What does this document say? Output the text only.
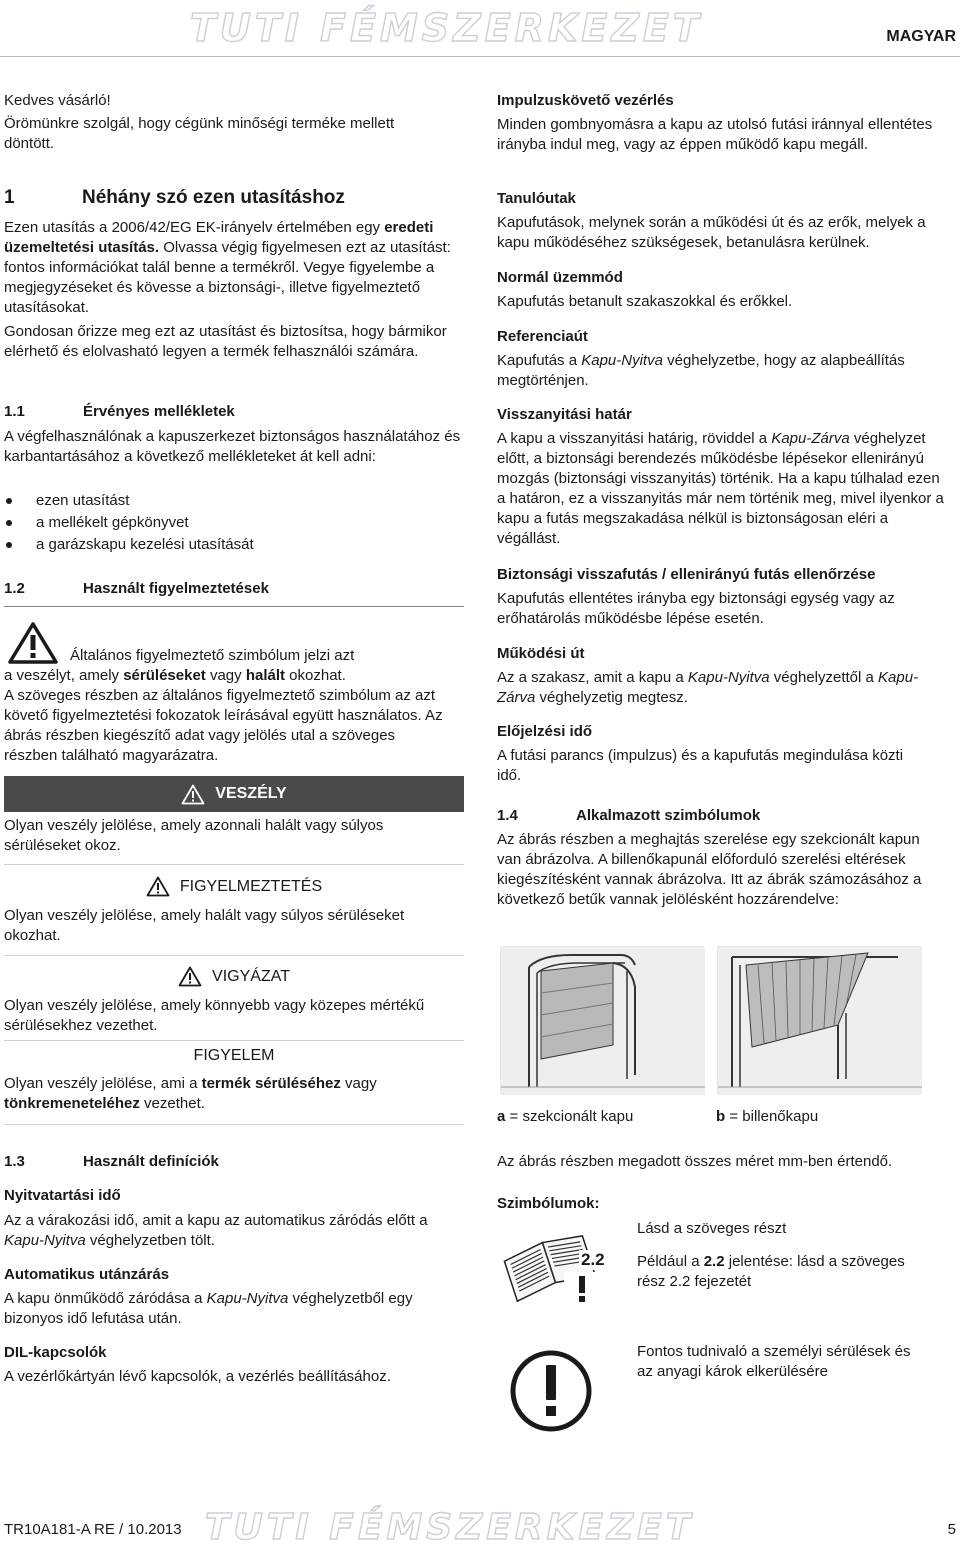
TUTI FÉMSZERKEZET	MAGYAR

Kedves vásárló!

Örömünkre szolgál, hogy cégünk minőségi terméke mellett döntött.

1	Néhány szó ezen utasításhoz

Ezen utasítás a 2006/42/EG EK-irányelv értelmében egy eredeti üzemeltetési utasítás. Olvassa végig figyelmesen ezt az utasítást: fontos információkat talál benne a termékről. Vegye figyelembe a megjegyzéseket és kövesse a biztonsági-, illetve figyelmeztető utasításokat.

Gondosan őrizze meg ezt az utasítást és biztosítsa, hogy bármikor elérhető és elolvasható legyen a termék felhasználói számára.

1.1	Érvényes mellékletek

A végfelhasználónak a kapuszerkezet biztonságos használatához és karbantartásához a következő mellékleteket át kell adni:

ezen utasítást
a mellékelt gépkönyvet
a garázskapu kezelési utasítását
1.2	Használt figyelmeztetések

Általános figyelmeztető szimbólum jelzi azt

a veszélyt, amely sérüléseket vagy halált okozhat.

A szöveges részben az általános figyelmeztető szimbólum az azt követő figyelmeztetési fokozatok leírásával együtt használatos. Az ábrás részben kiegészítő adat vagy jelölés utal a szöveges részben található magyarázatra.

VESZÉLY

Olyan veszély jelölése, amely azonnali halált vagy súlyos sérüléseket okoz.

FIGYELMEZTETÉS

Olyan veszély jelölése, amely halált vagy súlyos sérüléseket okozhat.

VIGYÁZAT

Olyan veszély jelölése, amely könnyebb vagy közepes mértékű sérülésekhez vezethet.

FIGYELEM

Olyan veszély jelölése, ami a termék sérüléséhez vagy
tönkremeneteléhez vezethet.

1.3	Használt definíciók

Nyitvatartási idő

Az a várakozási idő, amit a kapu az automatikus záródás előtt a Kapu-Nyitva véghelyzetben tölt.

Automatikus utánzárás

A kapu önműködő záródása a Kapu-Nyitva véghelyzetből egy bizonyos idő lefutása után.

DIL-kapcsolók

A vezérlőkártyán lévő kapcsolók, a vezérlés beállításához.

Impulzuskövető vezérlés

Minden gombnyomásra a kapu az utolsó futási iránnyal ellentétes irányba indul meg, vagy az éppen működő kapu megáll.

Tanulóutak

Kapufutások, melynek során a működési út és az erők, melyek a kapu működéséhez szükségesek, betanulásra kerülnek.

Normál üzemmód

Kapufutás betanult szakaszokkal és erőkkel.

Referenciaút

Kapufutás a Kapu-Nyitva véghelyzetbe, hogy az alapbeállítás megtörténjen.

Visszanyitási határ

A kapu a visszanyitási határig, röviddel a Kapu-Zárva véghelyzet előtt, a biztonsági berendezés működésbe lépésekor ellenirányú mozgás (biztonsági visszanyitás) történik. Ha a kapu túlhalad ezen a határon, ez a visszanyitás már nem történik meg, mivel ilyenkor a kapu a futás megszakadása nélkül is biztonságosan eléri a végállást.

Biztonsági visszafutás / ellenirányú futás ellenőrzése

Kapufutás ellentétes irányba egy biztonsági egység vagy az erőhatárolás működésbe lépése esetén.

Működési út

Az a szakasz, amit a kapu a Kapu-Nyitva véghelyzettől a Kapu-Zárva véghelyzetig megtesz.

Előjelzési idő

A futási parancs (impulzus) és a kapufutás megindulása közti idő.

1.4	Alkalmazott szimbólumok

Az ábrás részben a meghajtás szerelése egy szekcionált kapun van ábrázolva. A billenőkapunál előforduló szerelési eltérések kiegészítésként vannak ábrázolva. Itt az ábrák számozásához a következő betűk vannak jelölésként hozzárendelve:

a = szekcionált kapu	b = billenőkapu

Az ábrás részben megadott összes méret mm-ben értendő.

Szimbólumok:

2.2

Lásd a szöveges részt

Például a 2.2 jelentése: lásd a szöveges rész 2.2 fejezetét

Fontos tudnivaló a személyi sérülések és az anyagi károk elkerülésére

TR10A181-A RE / 10.2013 TUTI FÉMSZERKEZET	5
